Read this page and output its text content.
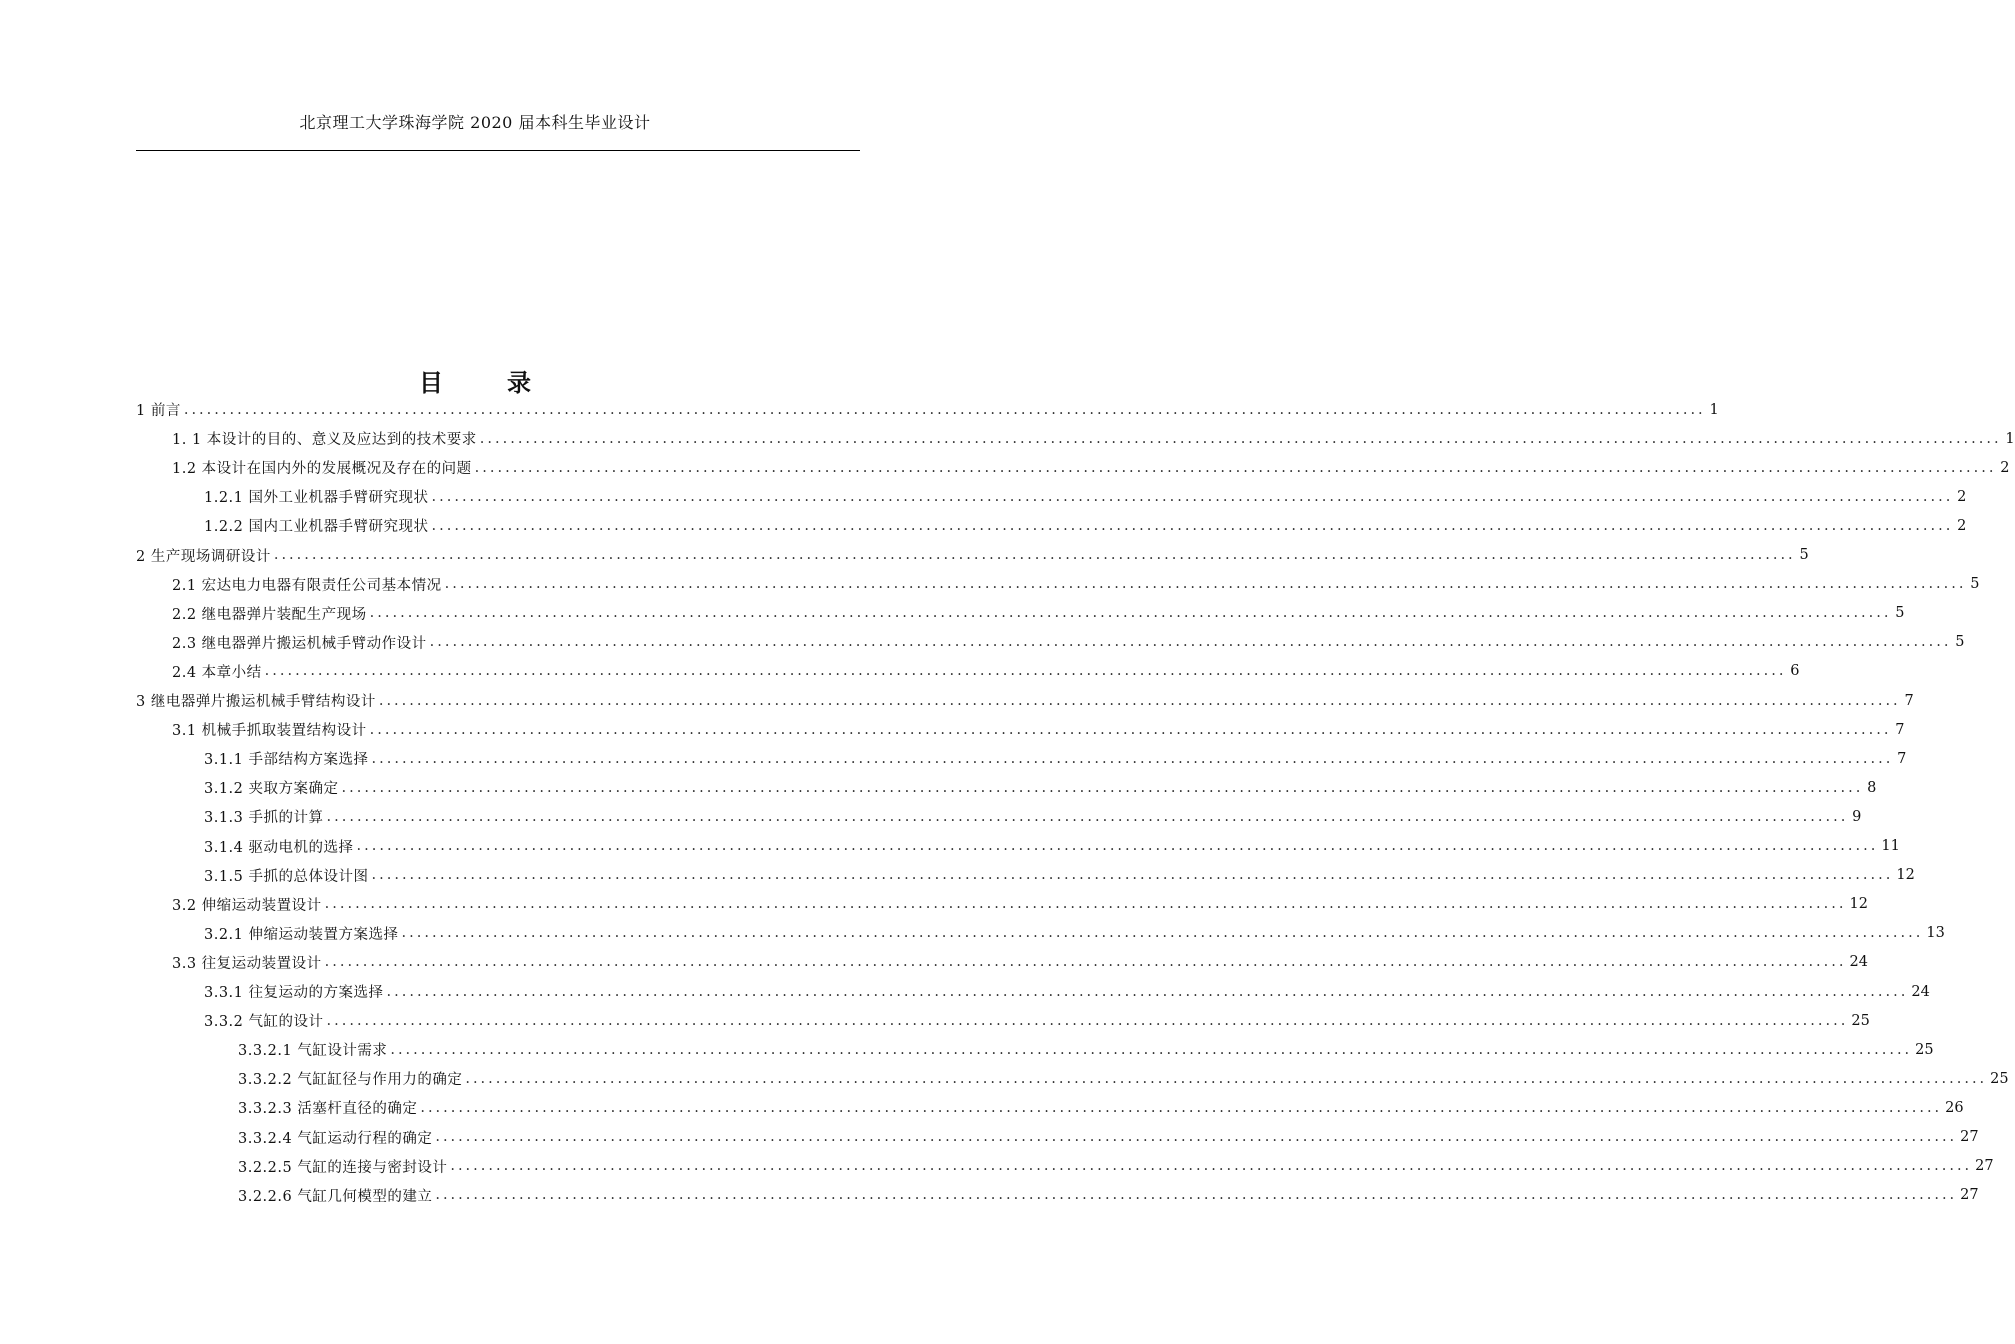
北京理工大学珠海学院 2020 届本科生毕业设计
目　录
1 前言 ........................................................................................................................................................................................................ 1
1. 1 本设计的目的、意义及应达到的技术要求 ........................................................................................................................................................................................................ 1
1.2 本设计在国内外的发展概况及存在的问题 ........................................................................................................................................................................................................ 2
1.2.1 国外工业机器手臂研究现状 ........................................................................................................................................................................................................ 2
1.2.2 国内工业机器手臂研究现状 ........................................................................................................................................................................................................ 2
2 生产现场调研设计 ........................................................................................................................................................................................................ 5
2.1 宏达电力电器有限责任公司基本情况 ........................................................................................................................................................................................................ 5
2.2 继电器弹片装配生产现场 ........................................................................................................................................................................................................ 5
2.3 继电器弹片搬运机械手臂动作设计 ........................................................................................................................................................................................................ 5
2.4 本章小结 ........................................................................................................................................................................................................ 6
3 继电器弹片搬运机械手臂结构设计 ........................................................................................................................................................................................................ 7
3.1 机械手抓取装置结构设计 ........................................................................................................................................................................................................ 7
3.1.1 手部结构方案选择 ........................................................................................................................................................................................................ 7
3.1.2 夹取方案确定 ........................................................................................................................................................................................................ 8
3.1.3 手抓的计算 ........................................................................................................................................................................................................ 9
3.1.4 驱动电机的选择 ........................................................................................................................................................................................................ 11
3.1.5 手抓的总体设计图 ........................................................................................................................................................................................................ 12
3.2 伸缩运动装置设计 ........................................................................................................................................................................................................ 12
3.2.1 伸缩运动装置方案选择 ........................................................................................................................................................................................................ 13
3.3 往复运动装置设计 ........................................................................................................................................................................................................ 24
3.3.1 往复运动的方案选择 ........................................................................................................................................................................................................ 24
3.3.2 气缸的设计 ........................................................................................................................................................................................................ 25
3.3.2.1 气缸设计需求 ........................................................................................................................................................................................................ 25
3.3.2.2 气缸缸径与作用力的确定 ........................................................................................................................................................................................................ 25
3.3.2.3 活塞杆直径的确定 ........................................................................................................................................................................................................ 26
3.3.2.4 气缸运动行程的确定 ........................................................................................................................................................................................................ 27
3.2.2.5 气缸的连接与密封设计 ........................................................................................................................................................................................................ 27
3.2.2.6 气缸几何模型的建立 ........................................................................................................................................................................................................ 27
